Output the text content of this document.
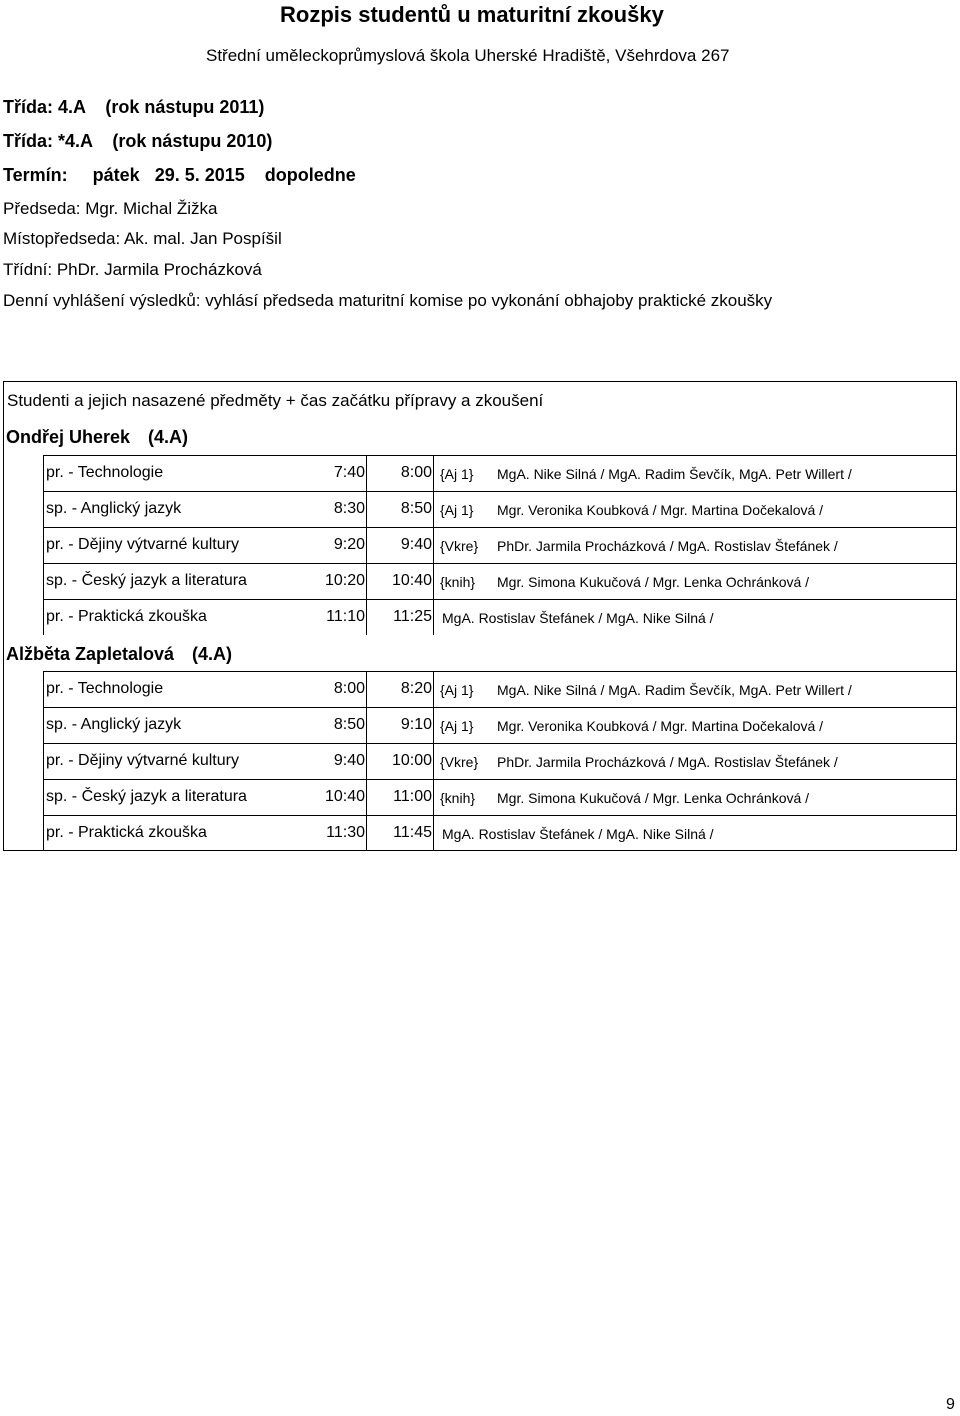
Rozpis studentů u maturitní zkoušky
Střední uměleckoprůmyslová škola Uherské Hradiště, Všehrdova 267
Třída: 4.A    (rok nástupu 2011)
Třída: *4.A    (rok nástupu 2010)
Termín:     pátek   29. 5. 2015    dopoledne
Předseda: Mgr. Michal Žižka
Místopředseda: Ak. mal. Jan Pospíšil
Třídní: PhDr. Jarmila Procházková
Denní vyhlášení výsledků: vyhlásí předseda maturitní komise po vykonání obhajoby praktické zkoušky
Studenti a jejich nasazené předměty + čas začátku přípravy a zkoušení
Ondřej Uherek (4.A)
pr. - Technologie	7:40	8:00 {Aj 1} MgA. Nike Silná / MgA. Radim Ševčík, MgA. Petr Willert /
sp. - Anglický jazyk	8:30	8:50 {Aj 1} Mgr. Veronika Koubková / Mgr. Martina Dočekalová /
pr. - Dějiny výtvarné kultury	9:20	9:40 {Vkre} PhDr. Jarmila Procházková / MgA. Rostislav Štefánek /
sp. - Český jazyk a literatura	10:20	10:40 {knih} Mgr. Simona Kukučová / Mgr. Lenka Ochránková /
pr. - Praktická zkouška	11:10	11:25 MgA. Rostislav Štefánek / MgA. Nike Silná /
Alžběta Zapletalová (4.A)
pr. - Technologie	8:00	8:20 {Aj 1} MgA. Nike Silná / MgA. Radim Ševčík, MgA. Petr Willert /
sp. - Anglický jazyk	8:50	9:10 {Aj 1} Mgr. Veronika Koubková / Mgr. Martina Dočekalová /
pr. - Dějiny výtvarné kultury	9:40	10:00 {Vkre} PhDr. Jarmila Procházková / MgA. Rostislav Štefánek /
sp. - Český jazyk a literatura	10:40	11:00 {knih} Mgr. Simona Kukučová / Mgr. Lenka Ochránková /
pr. - Praktická zkouška	11:30	11:45 MgA. Rostislav Štefánek / MgA. Nike Silná /
9
